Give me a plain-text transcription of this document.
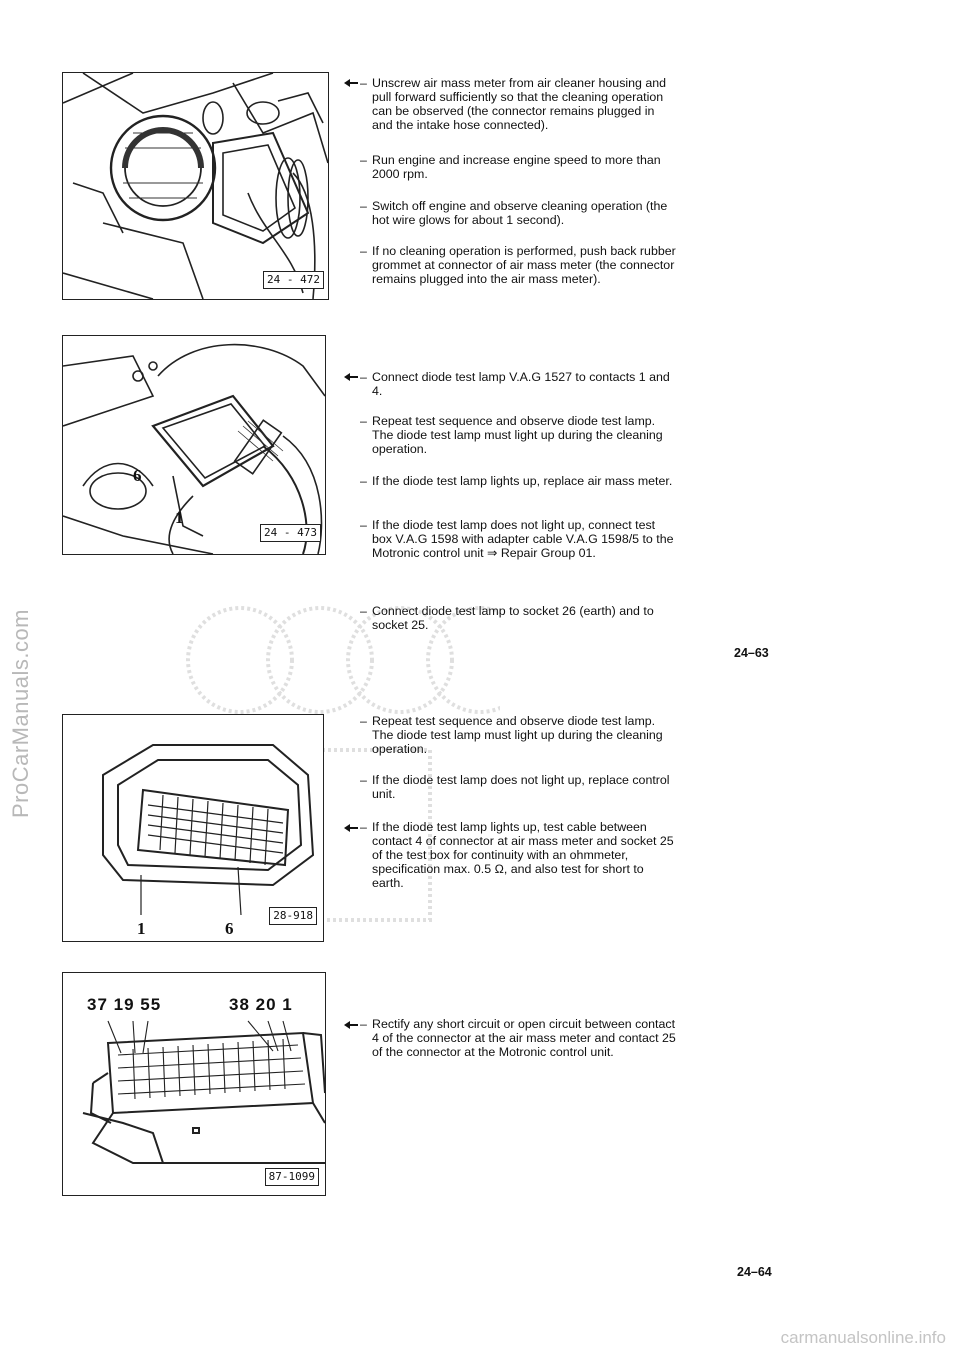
ProCarManuals.com
24 - 472
6
1
24 - 473
1	6
28-918
37 19 55	38 20 1
87-1099
– Unscrew air mass meter from air cleaner housing and pull forward sufficiently so that the cleaning operation can be observed (the connector remains plugged in and the intake hose connected).
– Run engine and increase engine speed to more than 2000 rpm.
– Switch off engine and observe cleaning operation (the hot wire glows for about 1 second).
– If no cleaning operation is performed, push back rubber grommet at connector of air mass meter (the connector remains plugged into the air mass meter).
– Connect diode test lamp V.A.G 1527 to contacts 1 and 4.
– Repeat test sequence and observe diode test lamp. The diode test lamp must light up during the cleaning operation.
– If the diode test lamp lights up, replace air mass meter.
– If the diode test lamp does not light up, connect test box V.A.G 1598 with adapter cable V.A.G 1598/5 to the Motronic control unit ⇒ Repair Group 01.
– Connect diode test lamp to socket 26 (earth) and to socket 25.
– Repeat test sequence and observe diode test lamp. The diode test lamp must light up during the cleaning operation.
– If the diode test lamp does not light up, replace control unit.
– If the diode test lamp lights up, test cable between contact 4 of connector at air mass meter and socket 25 of the test box for continuity with an ohmmeter, specification max. 0.5 Ω, and also test for short to earth.
– Rectify any short circuit or open circuit between contact 4 of the connector at the air mass meter and contact 25 of the connector at the Motronic control unit.
24–63
24–64
carmanualsonline.info
